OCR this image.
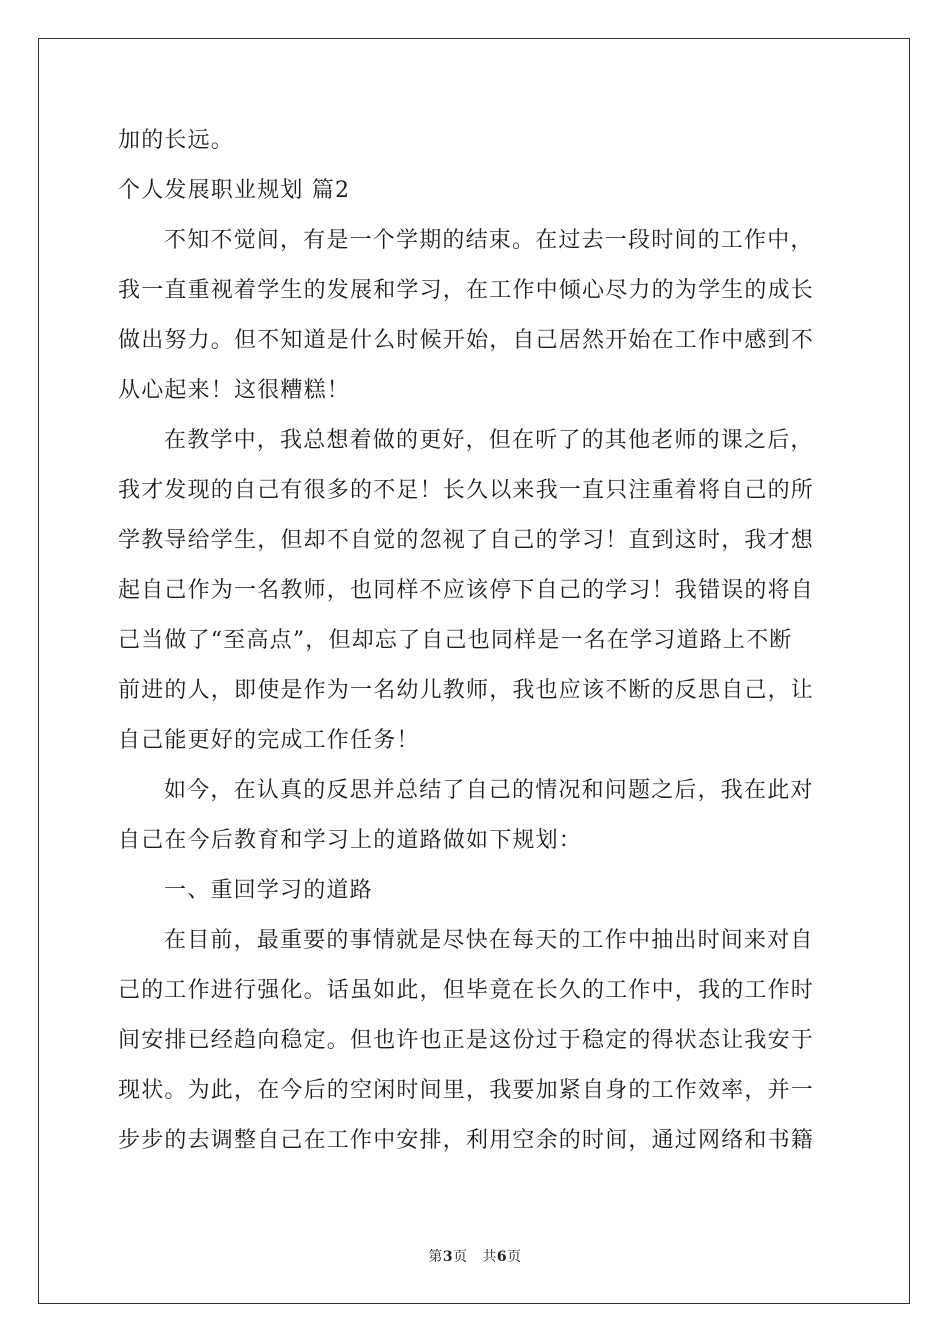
加的长远。

个人发展职业规划 篇2

不知不觉间，有是一个学期的结束。在过去一段时间的工作中，

我一直重视着学生的发展和学习，在工作中倾心尽力的为学生的成长

做出努力。但不知道是什么时候开始，自己居然开始在工作中感到不

从心起来！这很糟糕！

在教学中，我总想着做的更好，但在听了的其他老师的课之后，

我才发现的自己有很多的不足！长久以来我一直只注重着将自己的所

学教导给学生，但却不自觉的忽视了自己的学习！直到这时，我才想

起自己作为一名教师，也同样不应该停下自己的学习！我错误的将自

己当做了“至高点”，但却忘了自己也同样是一名在学习道路上不断

前进的人，即使是作为一名幼儿教师，我也应该不断的反思自己，让

自己能更好的完成工作任务！

如今，在认真的反思并总结了自己的情况和问题之后，我在此对

自己在今后教育和学习上的道路做如下规划：

一、重回学习的道路

在目前，最重要的事情就是尽快在每天的工作中抽出时间来对自

己的工作进行强化。话虽如此，但毕竟在长久的工作中，我的工作时

间安排已经趋向稳定。但也许也正是这份过于稳定的得状态让我安于

现状。为此，在今后的空闲时间里，我要加紧自身的工作效率，并一

步步的去调整自己在工作中安排，利用空余的时间，通过网络和书籍

第3页 共6页
